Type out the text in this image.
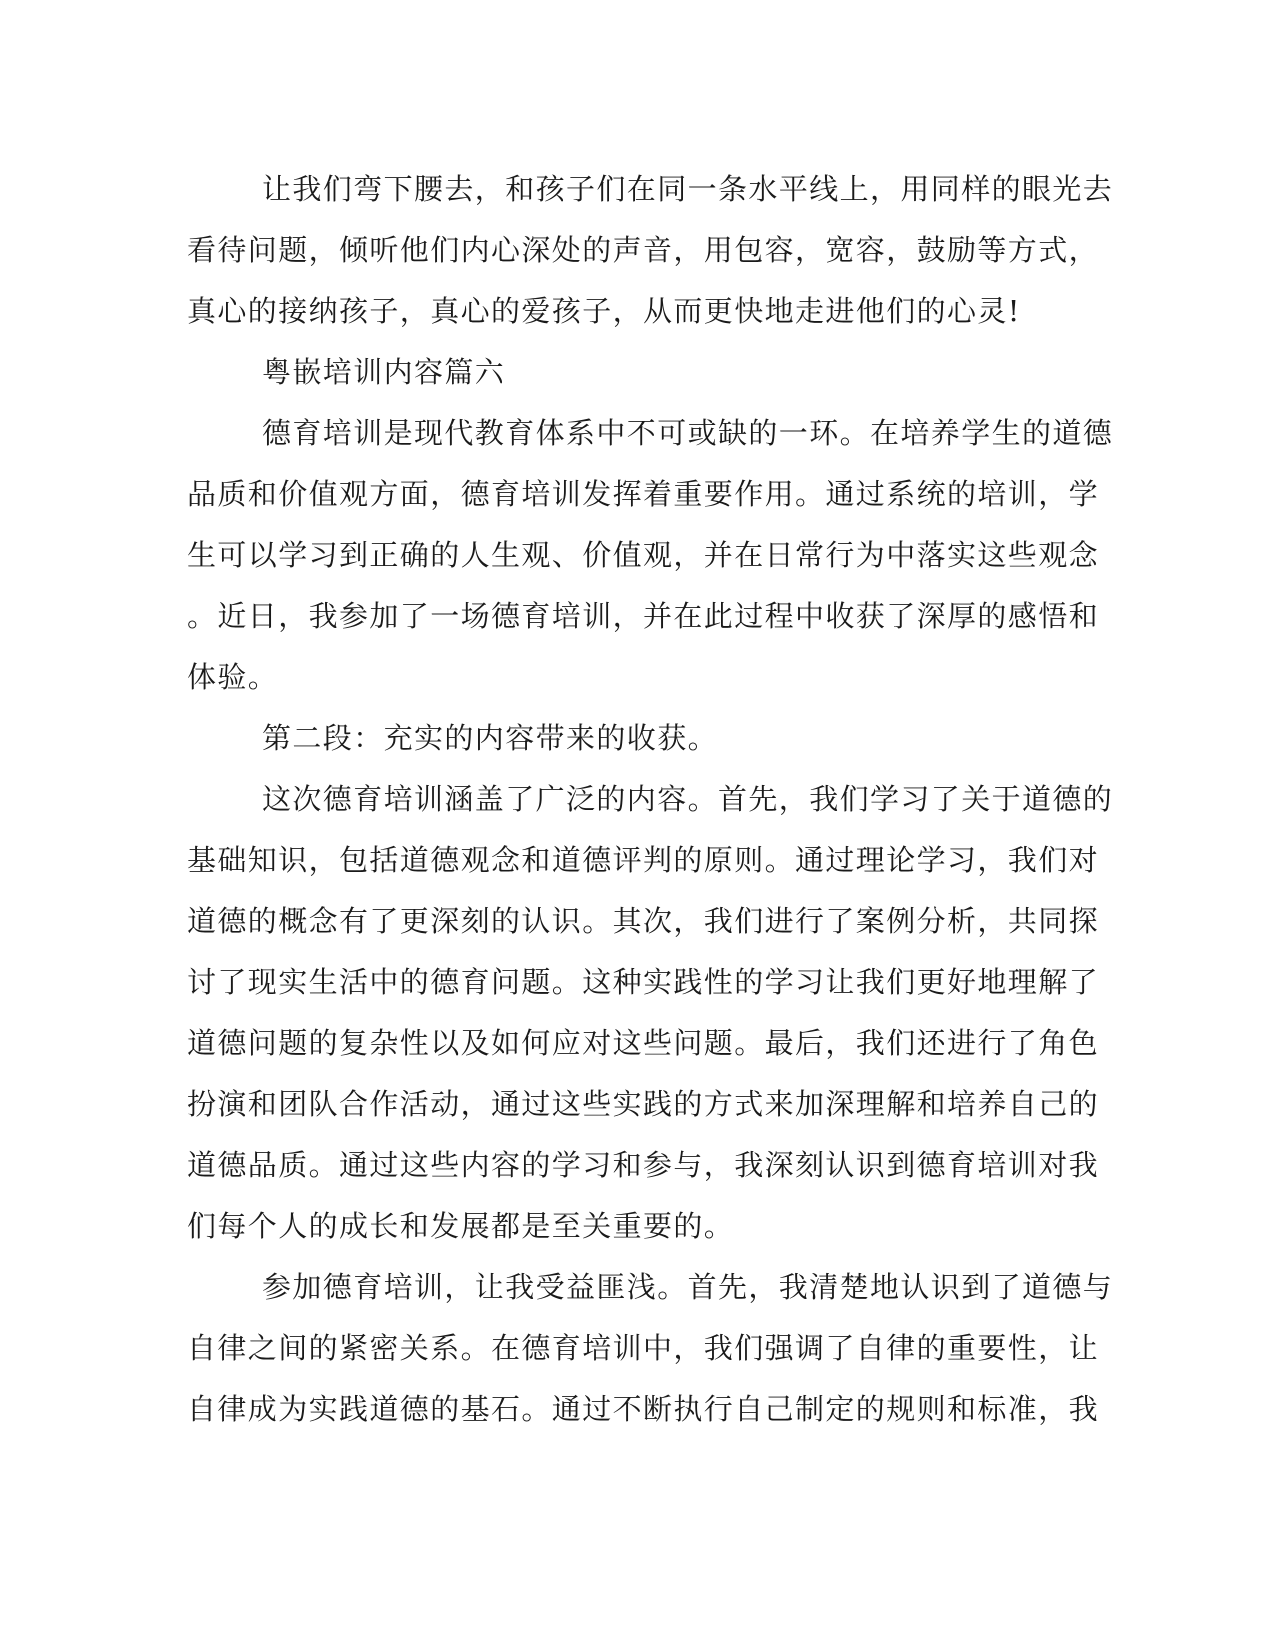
让我们弯下腰去，和孩子们在同一条水平线上，用同样的眼光去
看待问题，倾听他们内心深处的声音，用包容，宽容，鼓励等方式，
真心的接纳孩子，真心的爱孩子，从而更快地走进他们的心灵!
粤嵌培训内容篇六
德育培训是现代教育体系中不可或缺的一环。在培养学生的道德
品质和价值观方面，德育培训发挥着重要作用。通过系统的培训，学
生可以学习到正确的人生观、价值观，并在日常行为中落实这些观念
。近日，我参加了一场德育培训，并在此过程中收获了深厚的感悟和
体验。
第二段：充实的内容带来的收获。
这次德育培训涵盖了广泛的内容。首先，我们学习了关于道德的
基础知识，包括道德观念和道德评判的原则。通过理论学习，我们对
道德的概念有了更深刻的认识。其次，我们进行了案例分析，共同探
讨了现实生活中的德育问题。这种实践性的学习让我们更好地理解了
道德问题的复杂性以及如何应对这些问题。最后，我们还进行了角色
扮演和团队合作活动，通过这些实践的方式来加深理解和培养自己的
道德品质。通过这些内容的学习和参与，我深刻认识到德育培训对我
们每个人的成长和发展都是至关重要的。
参加德育培训，让我受益匪浅。首先，我清楚地认识到了道德与
自律之间的紧密关系。在德育培训中，我们强调了自律的重要性，让
自律成为实践道德的基石。通过不断执行自己制定的规则和标准，我
